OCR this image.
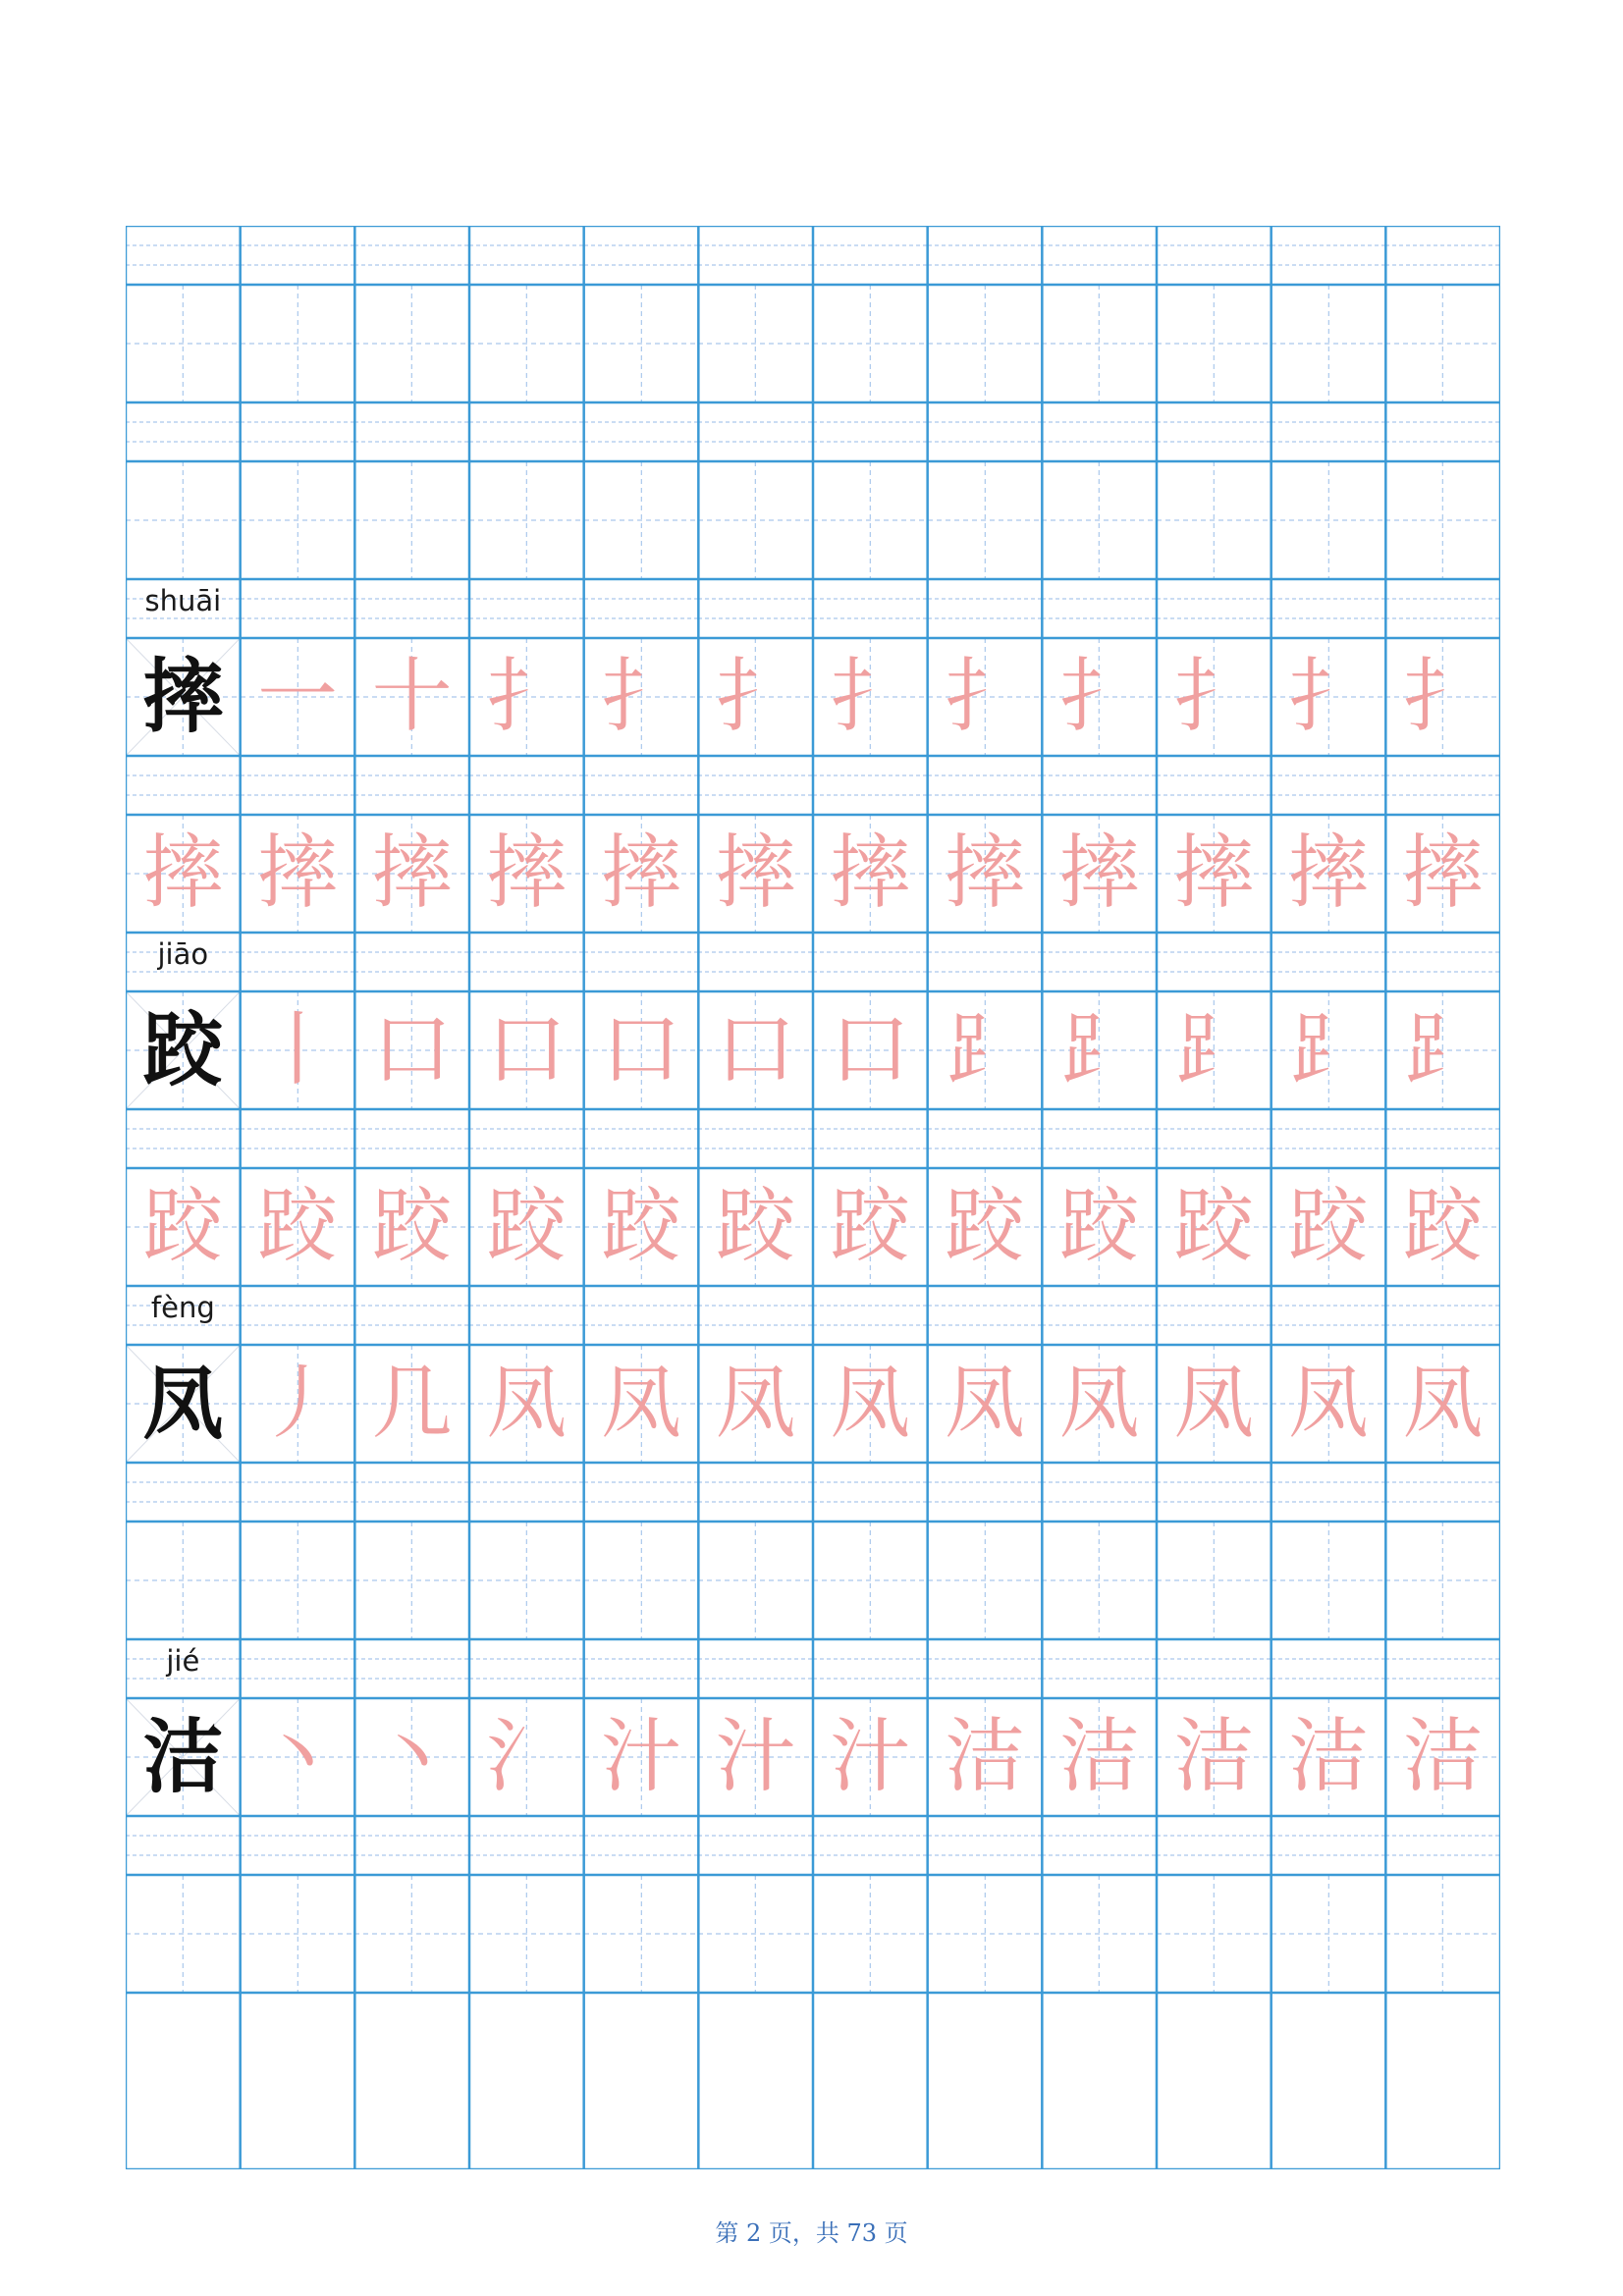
shuāi
摔 一 十 扌 扌 扌 扌 扌 扌 扌 扌 扌
摔 摔 摔 摔 摔 摔 摔 摔 摔 摔 摔 摔
jiāo
跤 丨 口 口 口 口 口 ⻊ ⻊ ⻊ ⻊ ⻊
跤 跤 跤 跤 跤 跤 跤 跤 跤 跤 跤 跤
fèng
凤 丿 几 凤 凤 凤 凤 凤 凤 凤 凤 凤
jié
洁 丶 丶 氵 汁 汁 汁 洁 洁 洁 洁 洁
第 2 页，共 73 页
